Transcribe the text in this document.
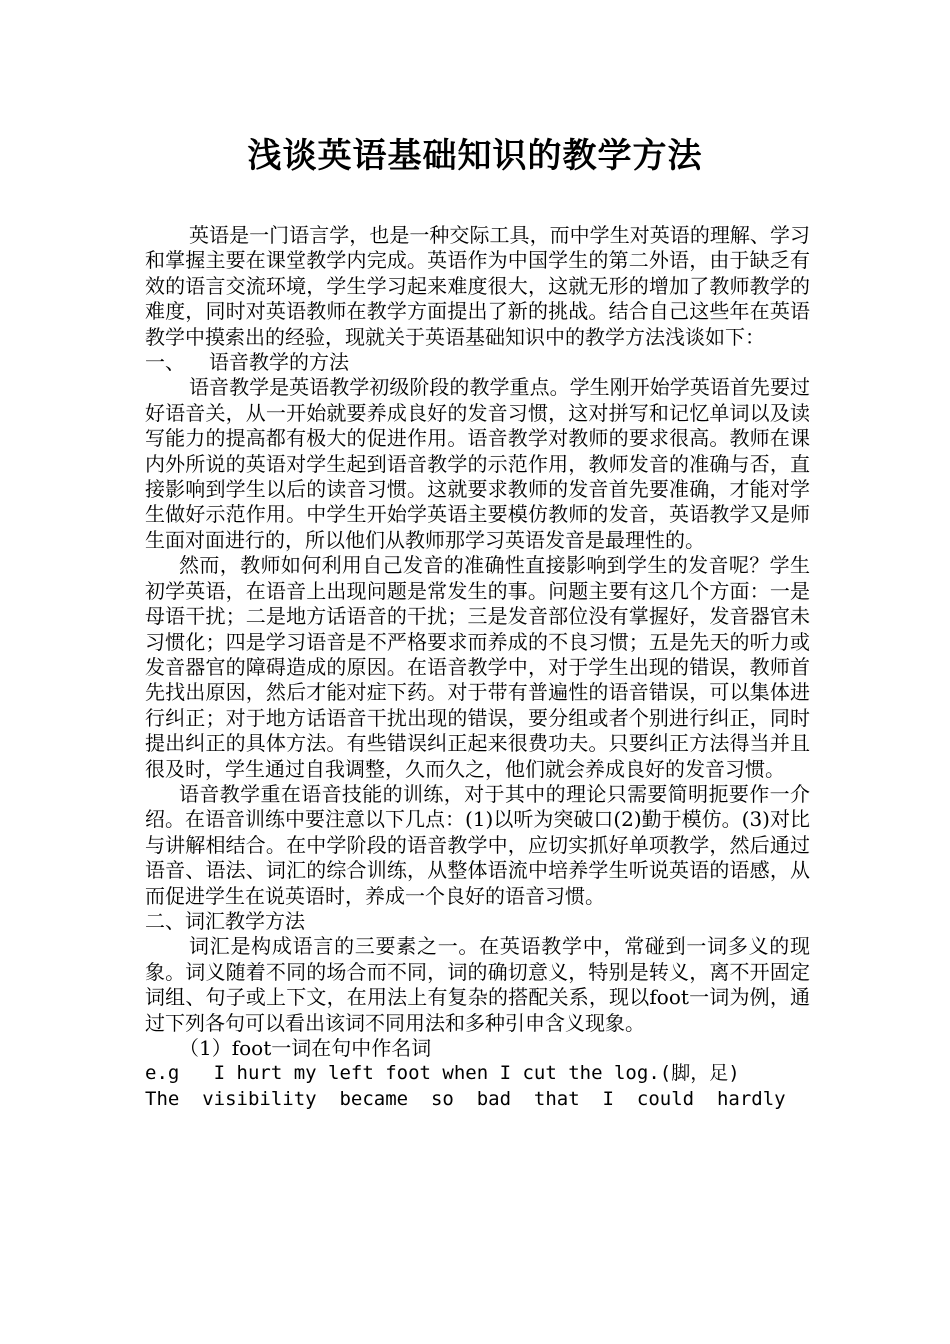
浅谈英语基础知识的教学方法

英语是一门语言学，也是一种交际工具，而中学生对英语的理解、学习和掌握主要在课堂教学内完成。英语作为中国学生的第二外语，由于缺乏有效的语言交流环境，学生学习起来难度很大，这就无形的增加了教师教学的难度，同时对英语教师在教学方面提出了新的挑战。结合自己这些年在英语教学中摸索出的经验，现就关于英语基础知识中的教学方法浅谈如下：

一、 语音教学的方法

语音教学是英语教学初级阶段的教学重点。学生刚开始学英语首先要过好语音关，从一开始就要养成良好的发音习惯，这对拼写和记忆单词以及读写能力的提高都有极大的促进作用。语音教学对教师的要求很高。教师在课内外所说的英语对学生起到语音教学的示范作用，教师发音的准确与否，直接影响到学生以后的读音习惯。这就要求教师的发音首先要准确，才能对学生做好示范作用。中学生开始学英语主要模仿教师的发音，英语教学又是师生面对面进行的，所以他们从教师那学习英语发音是最理性的。

然而，教师如何利用自己发音的准确性直接影响到学生的发音呢？学生初学英语，在语音上出现问题是常发生的事。问题主要有这几个方面：一是母语干扰；二是地方话语音的干扰；三是发音部位没有掌握好，发音器官未习惯化；四是学习语音是不严格要求而养成的不良习惯；五是先天的听力或发音器官的障碍造成的原因。在语音教学中，对于学生出现的错误，教师首先找出原因，然后才能对症下药。对于带有普遍性的语音错误，可以集体进行纠正；对于地方话语音干扰出现的错误，要分组或者个别进行纠正，同时提出纠正的具体方法。有些错误纠正起来很费功夫。只要纠正方法得当并且很及时，学生通过自我调整，久而久之，他们就会养成良好的发音习惯。

语音教学重在语音技能的训练，对于其中的理论只需要简明扼要作一介绍。在语音训练中要注意以下几点：(1)以听为突破口(2)勤于模仿。(3)对比与讲解相结合。在中学阶段的语音教学中，应切实抓好单项教学，然后通过语音、语法、词汇的综合训练，从整体语流中培养学生听说英语的语感，从而促进学生在说英语时，养成一个良好的语音习惯。

二、词汇教学方法

词汇是构成语言的三要素之一。在英语教学中，常碰到一词多义的现象。词义随着不同的场合而不同，词的确切意义，特别是转义，离不开固定词组、句子或上下文，在用法上有复杂的搭配关系，现以foot一词为例，通过下列各句可以看出该词不同用法和多种引申含义现象。

（1）foot一词在句中作名词

e.g   I hurt my left foot when I cut the log.(脚，足)

The  visibility  became  so  bad  that  I  could  hardly
